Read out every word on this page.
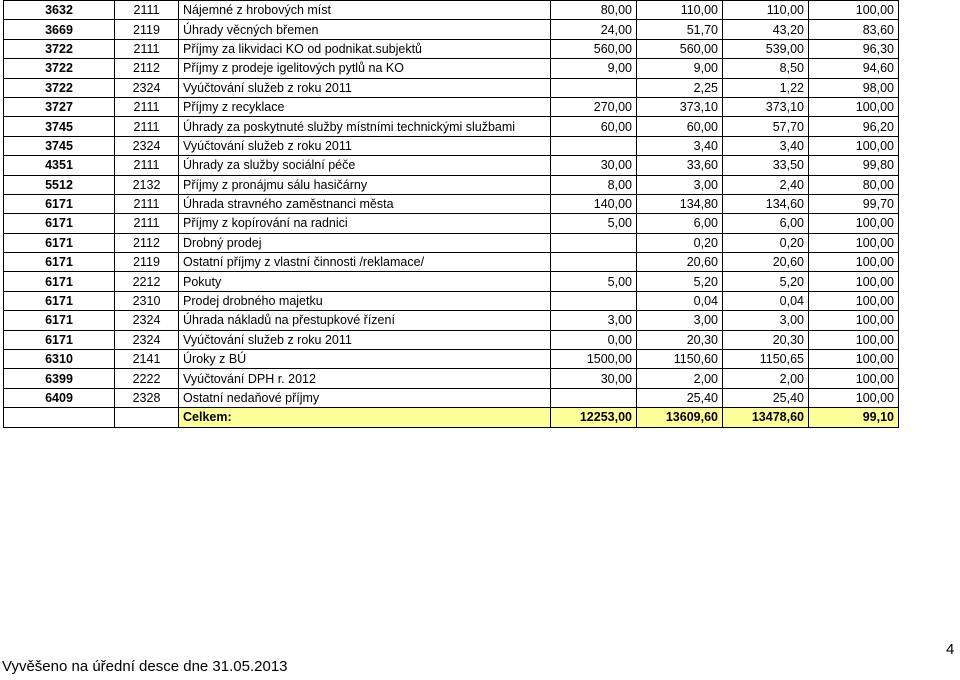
3632	2111	Nájemné z hrobových míst	80,00	110,00	110,00	100,00
3669	2119	Úhrady věcných břemen	24,00	51,70	43,20	83,60
3722	2111	Příjmy za likvidaci KO od podnikat.subjektů	560,00	560,00	539,00	96,30
3722	2112	Příjmy z prodeje igelitových pytlů na KO	9,00	9,00	8,50	94,60
3722	2324	Vyúčtování služeb z roku 2011		2,25	1,22	98,00
3727	2111	Příjmy z recyklace	270,00	373,10	373,10	100,00
3745	2111	Úhrady za poskytnuté služby místními technickými službami	60,00	60,00	57,70	96,20
3745	2324	Vyúčtování služeb z roku 2011		3,40	3,40	100,00
4351	2111	Úhrady za služby sociální péče	30,00	33,60	33,50	99,80
5512	2132	Příjmy z pronájmu sálu hasičárny	8,00	3,00	2,40	80,00
6171	2111	Úhrada stravného zaměstnanci města	140,00	134,80	134,60	99,70
6171	2111	Příjmy z kopírování na radnici	5,00	6,00	6,00	100,00
6171	2112	Drobný prodej		0,20	0,20	100,00
6171	2119	Ostatní příjmy z vlastní činnosti /reklamace/		20,60	20,60	100,00
6171	2212	Pokuty	5,00	5,20	5,20	100,00
6171	2310	Prodej drobného majetku		0,04	0,04	100,00
6171	2324	Úhrada nákladů na přestupkové řízení	3,00	3,00	3,00	100,00
6171	2324	Vyúčtování služeb z roku 2011	0,00	20,30	20,30	100,00
6310	2141	Úroky z BÚ	1500,00	1150,60	1150,65	100,00
6399	2222	Vyúčtování DPH r. 2012	30,00	2,00	2,00	100,00
6409	2328	Ostatní nedaňové příjmy		25,40	25,40	100,00
		Celkem:	12253,00	13609,60	13478,60	99,10
Vyvěšeno na úřední desce dne 31.05.2013
4
